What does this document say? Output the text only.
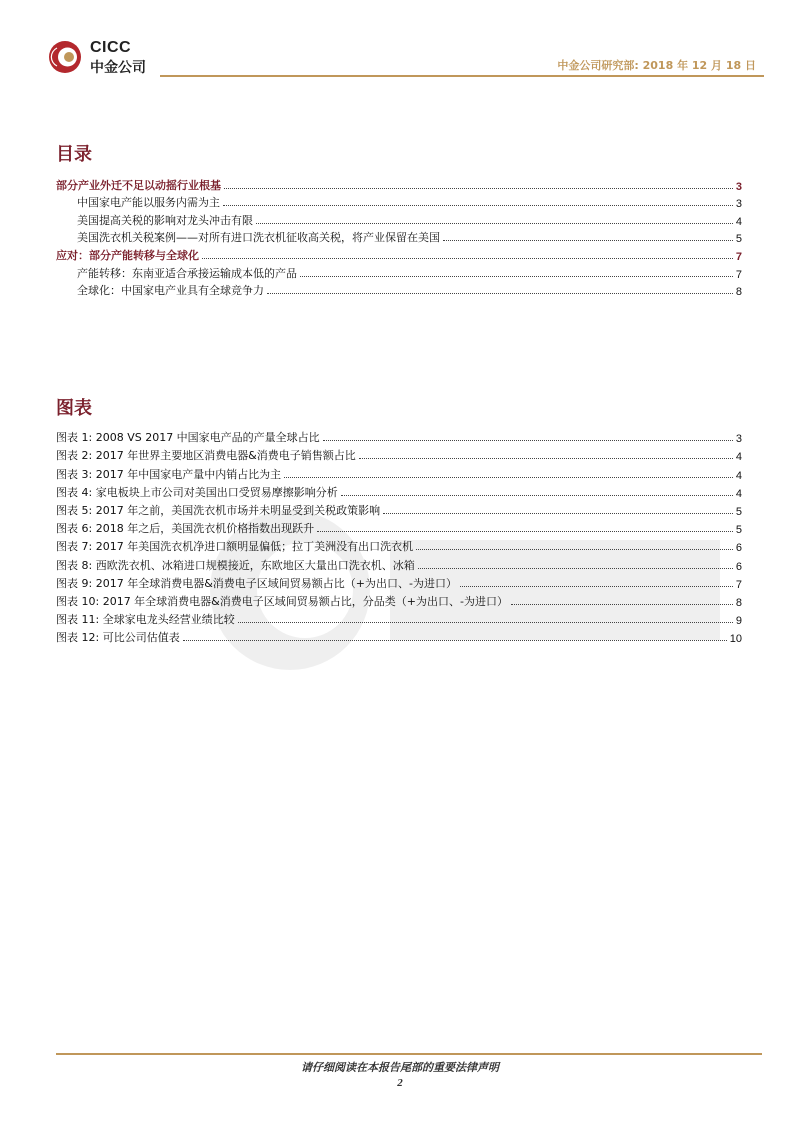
CICC
中金公司	中金公司研究部: 2018 年 12 月 18 日
目录
部分产业外迁不足以动摇行业根基	3
中国家电产能以服务内需为主	3
美国提高关税的影响对龙头冲击有限	4
美国洗衣机关税案例——对所有进口洗衣机征收高关税，将产业保留在美国	5
应对：部分产能转移与全球化	7
产能转移：东南亚适合承接运输成本低的产品	7
全球化：中国家电产业具有全球竞争力	8
图表
图表 1: 2008 VS 2017 中国家电产品的产量全球占比	3
图表 2: 2017 年世界主要地区消费电器&消费电子销售额占比	4
图表 3: 2017 年中国家电产量中内销占比为主	4
图表 4: 家电板块上市公司对美国出口受贸易摩擦影响分析	4
图表 5: 2017 年之前，美国洗衣机市场并未明显受到关税政策影响	5
图表 6: 2018 年之后，美国洗衣机价格指数出现跃升	5
图表 7: 2017 年美国洗衣机净进口额明显偏低；拉丁美洲没有出口洗衣机	6
图表 8: 西欧洗衣机、冰箱进口规模接近，东欧地区大量出口洗衣机、冰箱	6
图表 9: 2017 年全球消费电器&消费电子区域间贸易额占比（+为出口、-为进口）	7
图表 10: 2017 年全球消费电器&消费电子区域间贸易额占比，分品类（+为出口、-为进口）	8
图表 11: 全球家电龙头经营业绩比较	9
图表 12: 可比公司估值表	10
请仔细阅读在本报告尾部的重要法律声明
2
